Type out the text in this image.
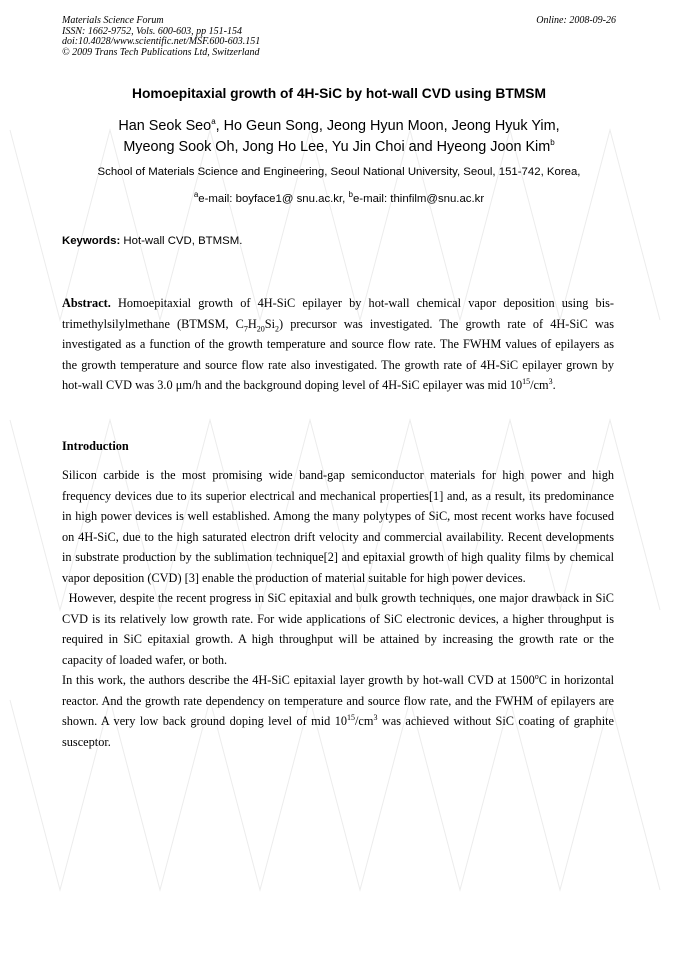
Materials Science Forum
ISSN: 1662-9752, Vols. 600-603, pp 151-154
doi:10.4028/www.scientific.net/MSF.600-603.151
© 2009 Trans Tech Publications Ltd, Switzerland
Online: 2008-09-26
Homoepitaxial growth of 4H-SiC by hot-wall CVD using BTMSM
Han Seok Seo$^a$, Ho Geun Song, Jeong Hyun Moon, Jeong Hyuk Yim,
Myeong Sook Oh, Jong Ho Lee, Yu Jin Choi and Hyeong Joon Kim$^b$
School of Materials Science and Engineering, Seoul National University, Seoul, 151-742, Korea,
$^a$e-mail: boyface1@ snu.ac.kr, $^b$e-mail: thinfilm@snu.ac.kr
Keywords: Hot-wall CVD, BTMSM.
Abstract. Homoepitaxial growth of 4H-SiC epilayer by hot-wall chemical vapor deposition using bis-trimethylsilylmethane (BTMSM, $C_7H_{20}Si_2$) precursor was investigated. The growth rate of 4H-SiC was investigated as a function of the growth temperature and source flow rate. The FWHM values of epilayers as the growth temperature and source flow rate also investigated. The growth rate of 4H-SiC epilayer grown by hot-wall CVD was 3.0 μm/h and the background doping level of 4H-SiC epilayer was mid $10^{15}/cm^3$.
Introduction

Silicon carbide is the most promising wide band-gap semiconductor materials for high power and high frequency devices due to its superior electrical and mechanical properties[1] and, as a result, its predominance in high power devices is well established. Among the many polytypes of SiC, most recent works have focused on 4H-SiC, due to the high saturated electron drift velocity and commercial availability. Recent developments in substrate production by the sublimation technique[2] and epitaxial growth of high quality films by chemical vapor deposition (CVD) [3] enable the production of material suitable for high power devices.

However, despite the recent progress in SiC epitaxial and bulk growth techniques, one major drawback in SiC CVD is its relatively low growth rate. For wide applications of SiC electronic devices, a higher throughput is required in SiC epitaxial growth. A high throughput will be attained by increasing the growth rate or the capacity of loaded wafer, or both.

In this work, the authors describe the 4H-SiC epitaxial layer growth by hot-wall CVD at 1500$^o$C in horizontal reactor. And the growth rate dependency on temperature and source flow rate, and the FWHM of epilayers are shown. A very low back ground doping level of mid $10^{15}/cm^3$ was achieved without SiC coating of graphite susceptor.
